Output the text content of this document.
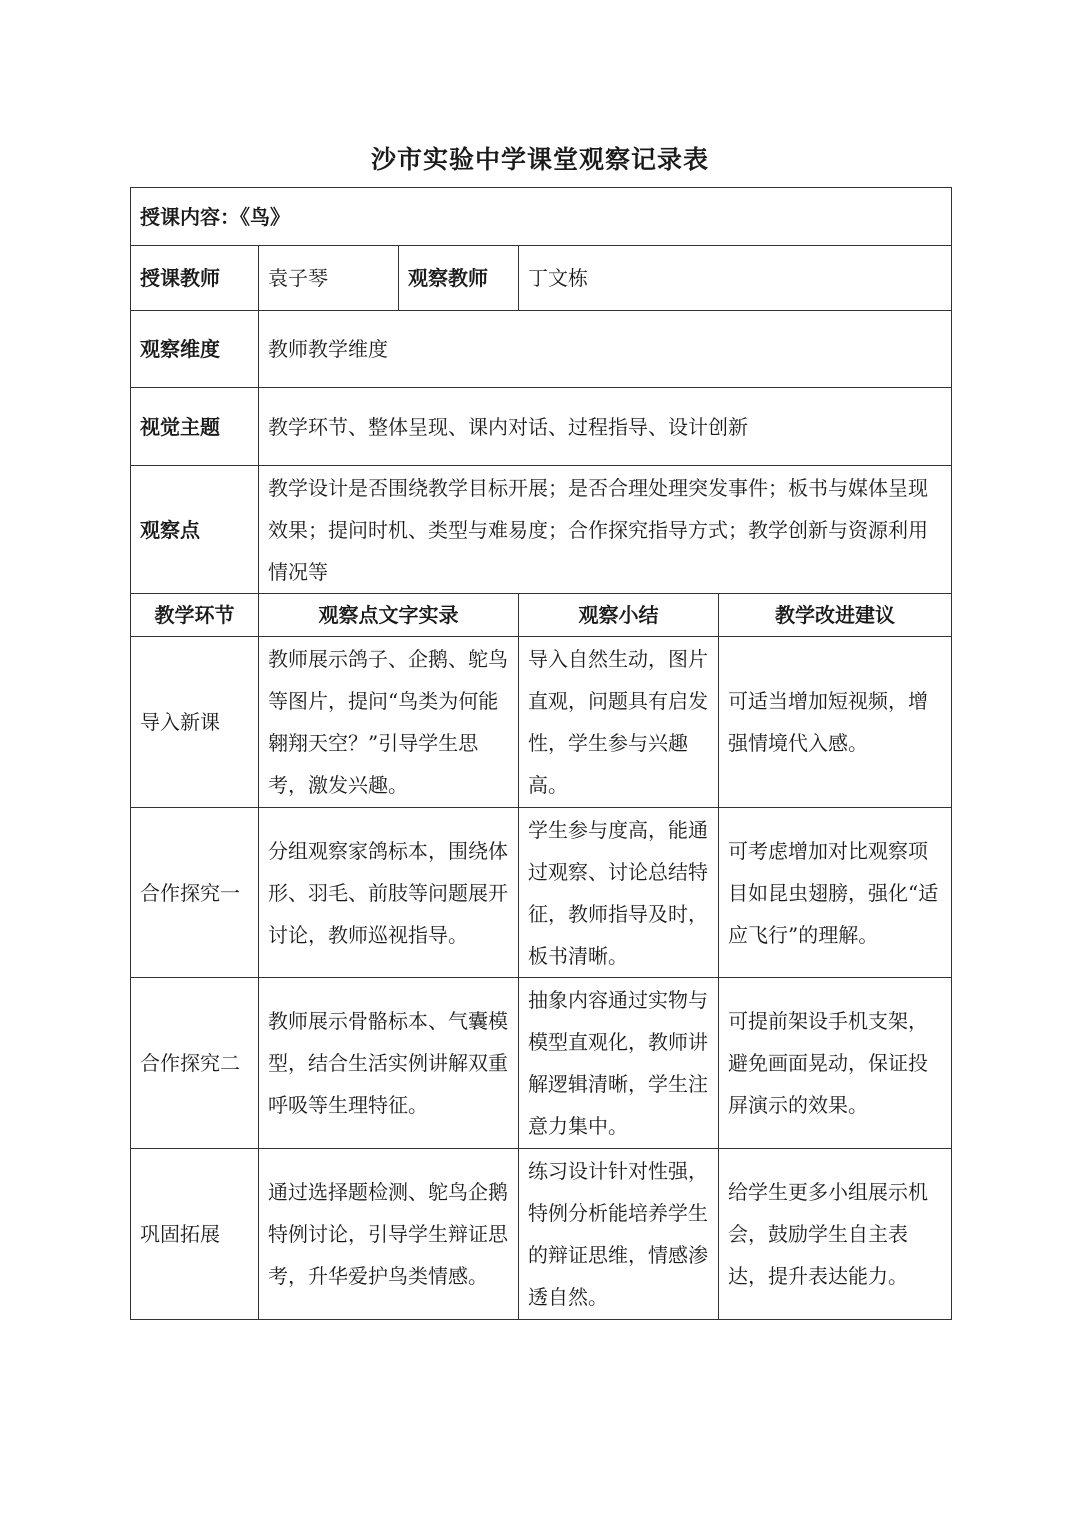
沙市实验中学课堂观察记录表
授课内容：《鸟》				
授课教师	袁子琴	观察教师	丁文栋	
观察维度	教师教学维度			
视觉主题	教学环节、整体呈现、课内对话、过程指导、设计创新			
观察点	教学设计是否围绕教学目标开展；是否合理处理突发事件；板书与媒体呈现效果；提问时机、类型与难易度；合作探究指导方式；教学创新与资源利用情况等			
教学环节	观察点文字实录		观察小结	教学改进建议
导入新课	教师展示鸽子、企鹅、鸵鸟等图片，提问“鸟类为何能翱翔天空？”引导学生思考，激发兴趣。		导入自然生动，图片直观，问题具有启发性，学生参与兴趣高。	可适当增加短视频，增强情境代入感。
合作探究一	分组观察家鸽标本，围绕体形、羽毛、前肢等问题展开讨论，教师巡视指导。		学生参与度高，能通过观察、讨论总结特征，教师指导及时，板书清晰。	可考虑增加对比观察项目如昆虫翅膀，强化“适应飞行”的理解。
合作探究二	教师展示骨骼标本、气囊模型，结合生活实例讲解双重呼吸等生理特征。		抽象内容通过实物与模型直观化，教师讲解逻辑清晰，学生注意力集中。	可提前架设手机支架，避免画面晃动，保证投屏演示的效果。
巩固拓展	通过选择题检测、鸵鸟企鹅特例讨论，引导学生辩证思考，升华爱护鸟类情感。		练习设计针对性强，特例分析能培养学生的辩证思维，情感渗透自然。	给学生更多小组展示机会，鼓励学生自主表达，提升表达能力。
